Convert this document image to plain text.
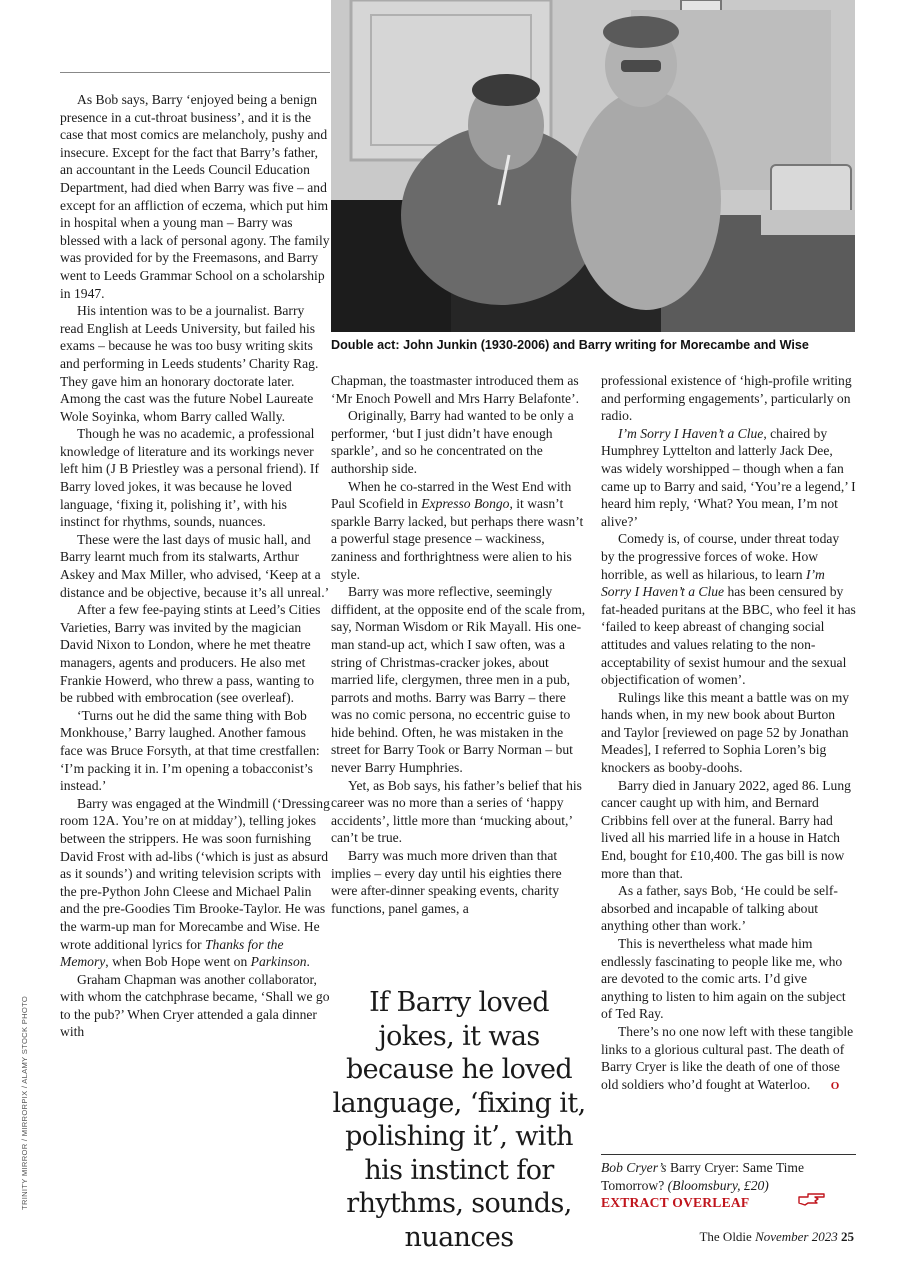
Double act: John Junkin (1930-2006) and Barry writing for Morecambe and Wise
TRINITY MIRROR / MIRRORPIX / ALAMY STOCK PHOTO

As Bob says, Barry ‘enjoyed being a benign presence in a cut-throat business’, and it is the case that most comics are melancholy, pushy and insecure. Except for the fact that Barry’s father, an accountant in the Leeds Council Education Department, had died when Barry was five – and except for an affliction of eczema, which put him in hospital when a young man – Barry was blessed with a lack of personal agony. The family was provided for by the Freemasons, and Barry went to Leeds Grammar School on a scholarship in 1947.

His intention was to be a journalist. Barry read English at Leeds University, but failed his exams – because he was too busy writing skits and performing in Leeds students’ Charity Rag. They gave him an honorary doctorate later. Among the cast was the future Nobel Laureate Wole Soyinka, whom Barry called Wally.

Though he was no academic, a professional knowledge of literature and its workings never left him (J B Priestley was a personal friend). If Barry loved jokes, it was because he loved language, ‘fixing it, polishing it’, with his instinct for rhythms, sounds, nuances.

These were the last days of music hall, and Barry learnt much from its stalwarts, Arthur Askey and Max Miller, who advised, ‘Keep at a distance and be objective, because it’s all unreal.’

After a few fee-paying stints at Leed’s Cities Varieties, Barry was invited by the magician David Nixon to London, where he met theatre managers, agents and producers. He also met Frankie Howerd, who threw a pass, wanting to be rubbed with embrocation (see overleaf).

‘Turns out he did the same thing with Bob Monkhouse,’ Barry laughed. Another famous face was Bruce Forsyth, at that time crestfallen: ‘I’m packing it in. I’m opening a tobacconist’s instead.’

Barry was engaged at the Windmill (‘Dressing room 12A. You’re on at midday’), telling jokes between the strippers. He was soon furnishing David Frost with ad-libs (‘which is just as absurd as it sounds’) and writing television scripts with the pre-Python John Cleese and Michael Palin and the pre-Goodies Tim Brooke-Taylor. He was the warm-up man for Morecambe and Wise. He wrote additional lyrics for Thanks for the Memory, when Bob Hope went on Parkinson.

Graham Chapman was another collaborator, with whom the catchphrase became, ‘Shall we go to the pub?’ When Cryer attended a gala dinner with

Chapman, the toastmaster introduced them as ‘Mr Enoch Powell and Mrs Harry Belafonte’.

Originally, Barry had wanted to be only a performer, ‘but I just didn’t have enough sparkle’, and so he concentrated on the authorship side.

When he co-starred in the West End with Paul Scofield in Expresso Bongo, it wasn’t sparkle Barry lacked, but perhaps there wasn’t a powerful stage presence – wackiness, zaniness and forthrightness were alien to his style.

Barry was more reflective, seemingly diffident, at the opposite end of the scale from, say, Norman Wisdom or Rik Mayall. His one-man stand-up act, which I saw often, was a string of Christmas-cracker jokes, about married life, clergymen, three men in a pub, parrots and moths. Barry was Barry – there was no comic persona, no eccentric guise to hide behind. Often, he was mistaken in the street for Barry Took or Barry Norman – but never Barry Humphries.

Yet, as Bob says, his father’s belief that his career was no more than a series of ‘happy accidents’, little more than ‘mucking about,’ can’t be true.

Barry was much more driven than that implies – every day until his eighties there were after-dinner speaking events, charity functions, panel games, a

If Barry loved jokes, it was because he loved language, ‘fixing it, polishing it’, with his instinct for rhythms, sounds, nuances

professional existence of ‘high-profile writing and performing engagements’, particularly on radio.

I’m Sorry I Haven’t a Clue, chaired by Humphrey Lyttelton and latterly Jack Dee, was widely worshipped – though when a fan came up to Barry and said, ‘You’re a legend,’ I heard him reply, ‘What? You mean, I’m not alive?’

Comedy is, of course, under threat today by the progressive forces of woke. How horrible, as well as hilarious, to learn I’m Sorry I Haven’t a Clue has been censured by fat-headed puritans at the BBC, who feel it has ‘failed to keep abreast of changing social attitudes and values relating to the non-acceptability of sexist humour and the sexual objectification of women’.

Rulings like this meant a battle was on my hands when, in my new book about Burton and Taylor [reviewed on page 52 by Jonathan Meades], I referred to Sophia Loren’s big knockers as booby-doohs.

Barry died in January 2022, aged 86. Lung cancer caught up with him, and Bernard Cribbins fell over at the funeral. Barry had lived all his married life in a house in Hatch End, bought for £10,400. The gas bill is now more than that.

As a father, says Bob, ‘He could be self-absorbed and incapable of talking about anything other than work.’

This is nevertheless what made him endlessly fascinating to people like me, who are devoted to the comic arts. I’d give anything to listen to him again on the subject of Ted Ray.

There’s no one now left with these tangible links to a glorious cultural past. The death of Barry Cryer is like the death of one of those old soldiers who’d fought at Waterloo. O

Bob Cryer’s Barry Cryer: Same Time Tomorrow? (Bloomsbury, £20)
EXTRACT OVERLEAF
The Oldie November 2023 25
